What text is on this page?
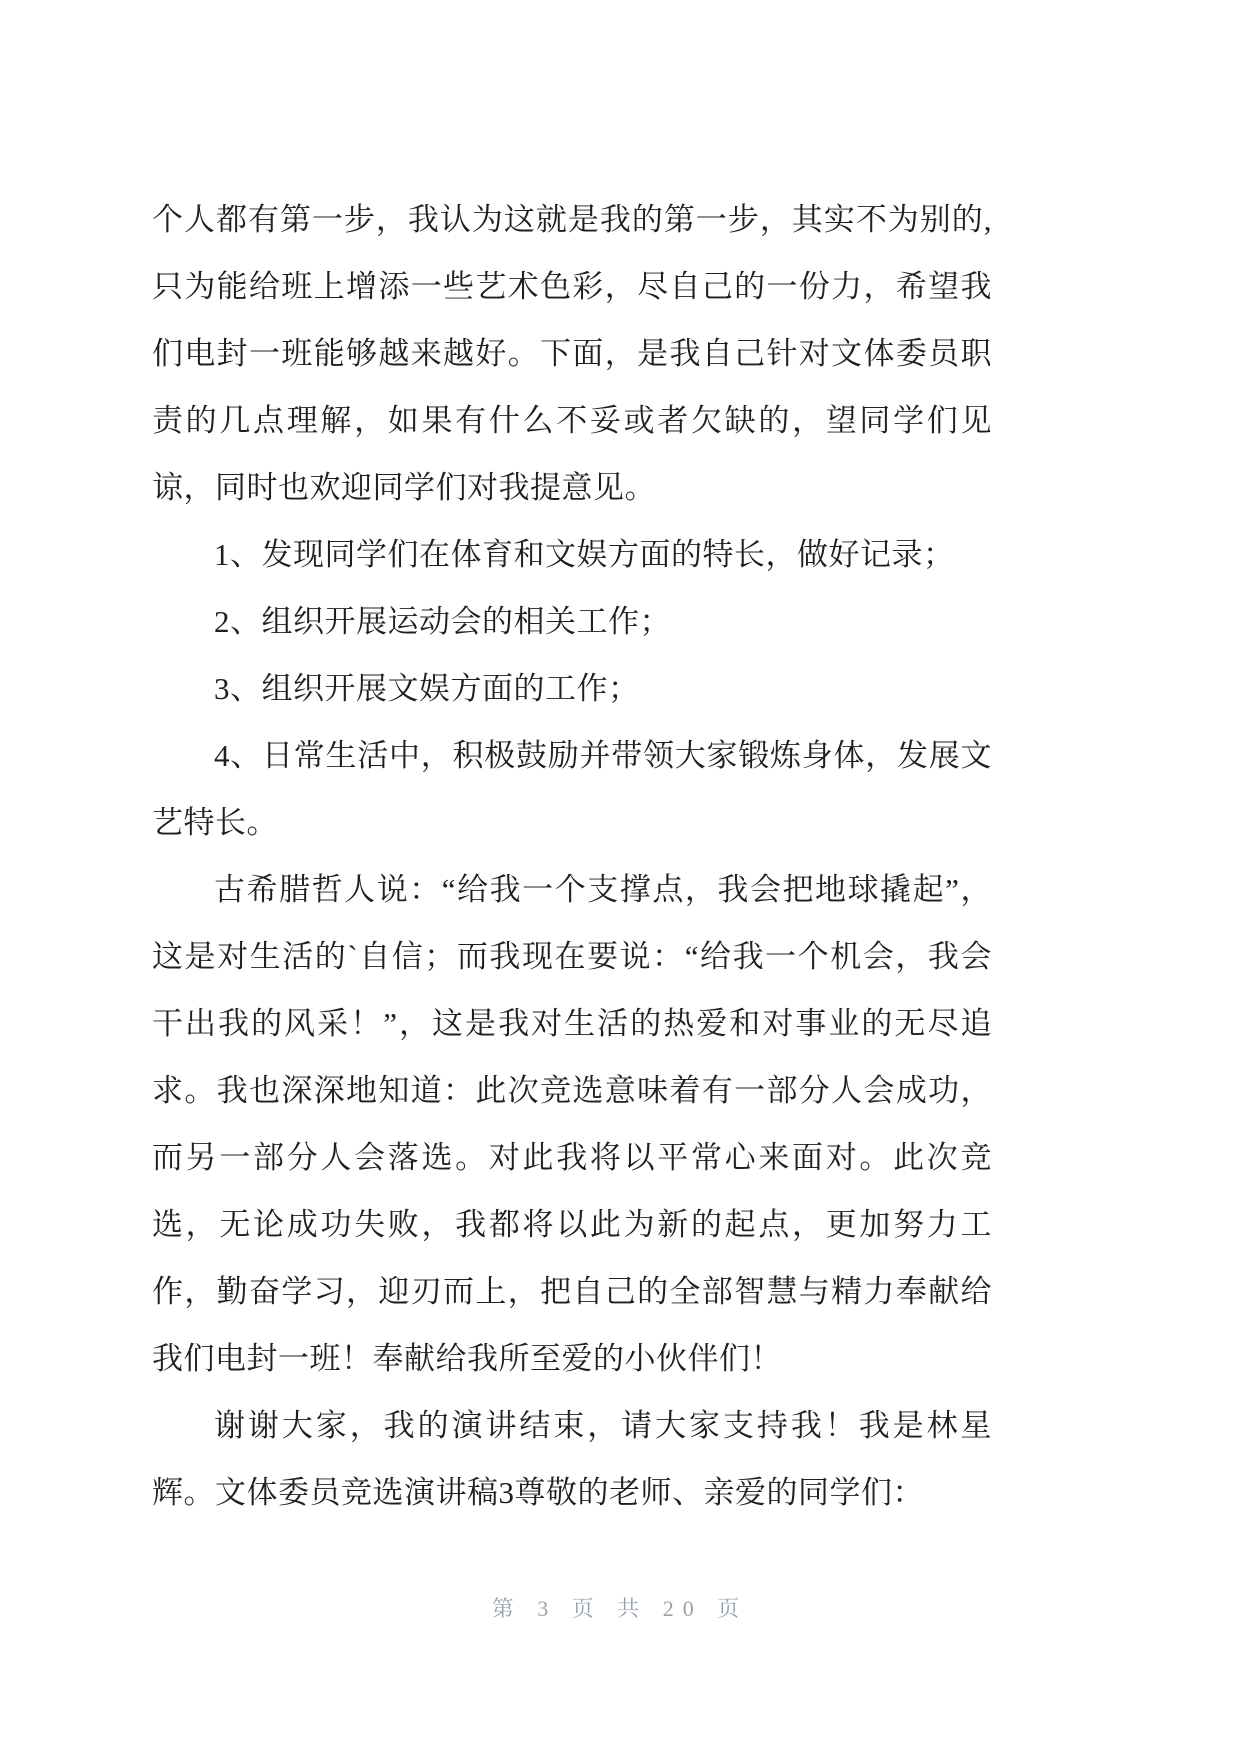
个人都有第一步，我认为这就是我的第一步，其实不为别的,只为能给班上增添一些艺术色彩，尽自己的一份力，希望我们电封一班能够越来越好。下面，是我自己针对文体委员职责的几点理解，如果有什么不妥或者欠缺的，望同学们见谅，同时也欢迎同学们对我提意见。

1、发现同学们在体育和文娱方面的特长，做好记录；

2、组织开展运动会的相关工作；

3、组织开展文娱方面的工作；

4、日常生活中，积极鼓励并带领大家锻炼身体，发展文艺特长。

古希腊哲人说：“给我一个支撑点，我会把地球撬起”，这是对生活的`自信；而我现在要说：“给我一个机会，我会干出我的风采！”，这是我对生活的热爱和对事业的无尽追求。我也深深地知道：此次竞选意味着有一部分人会成功，而另一部分人会落选。对此我将以平常心来面对。此次竞选，无论成功失败，我都将以此为新的起点，更加努力工作，勤奋学习，迎刃而上，把自己的全部智慧与精力奉献给我们电封一班！奉献给我所至爱的小伙伴们！

谢谢大家，我的演讲结束，请大家支持我！我是林星辉。文体委员竞选演讲稿3尊敬的老师、亲爱的同学们：

第 3 页 共 20 页
